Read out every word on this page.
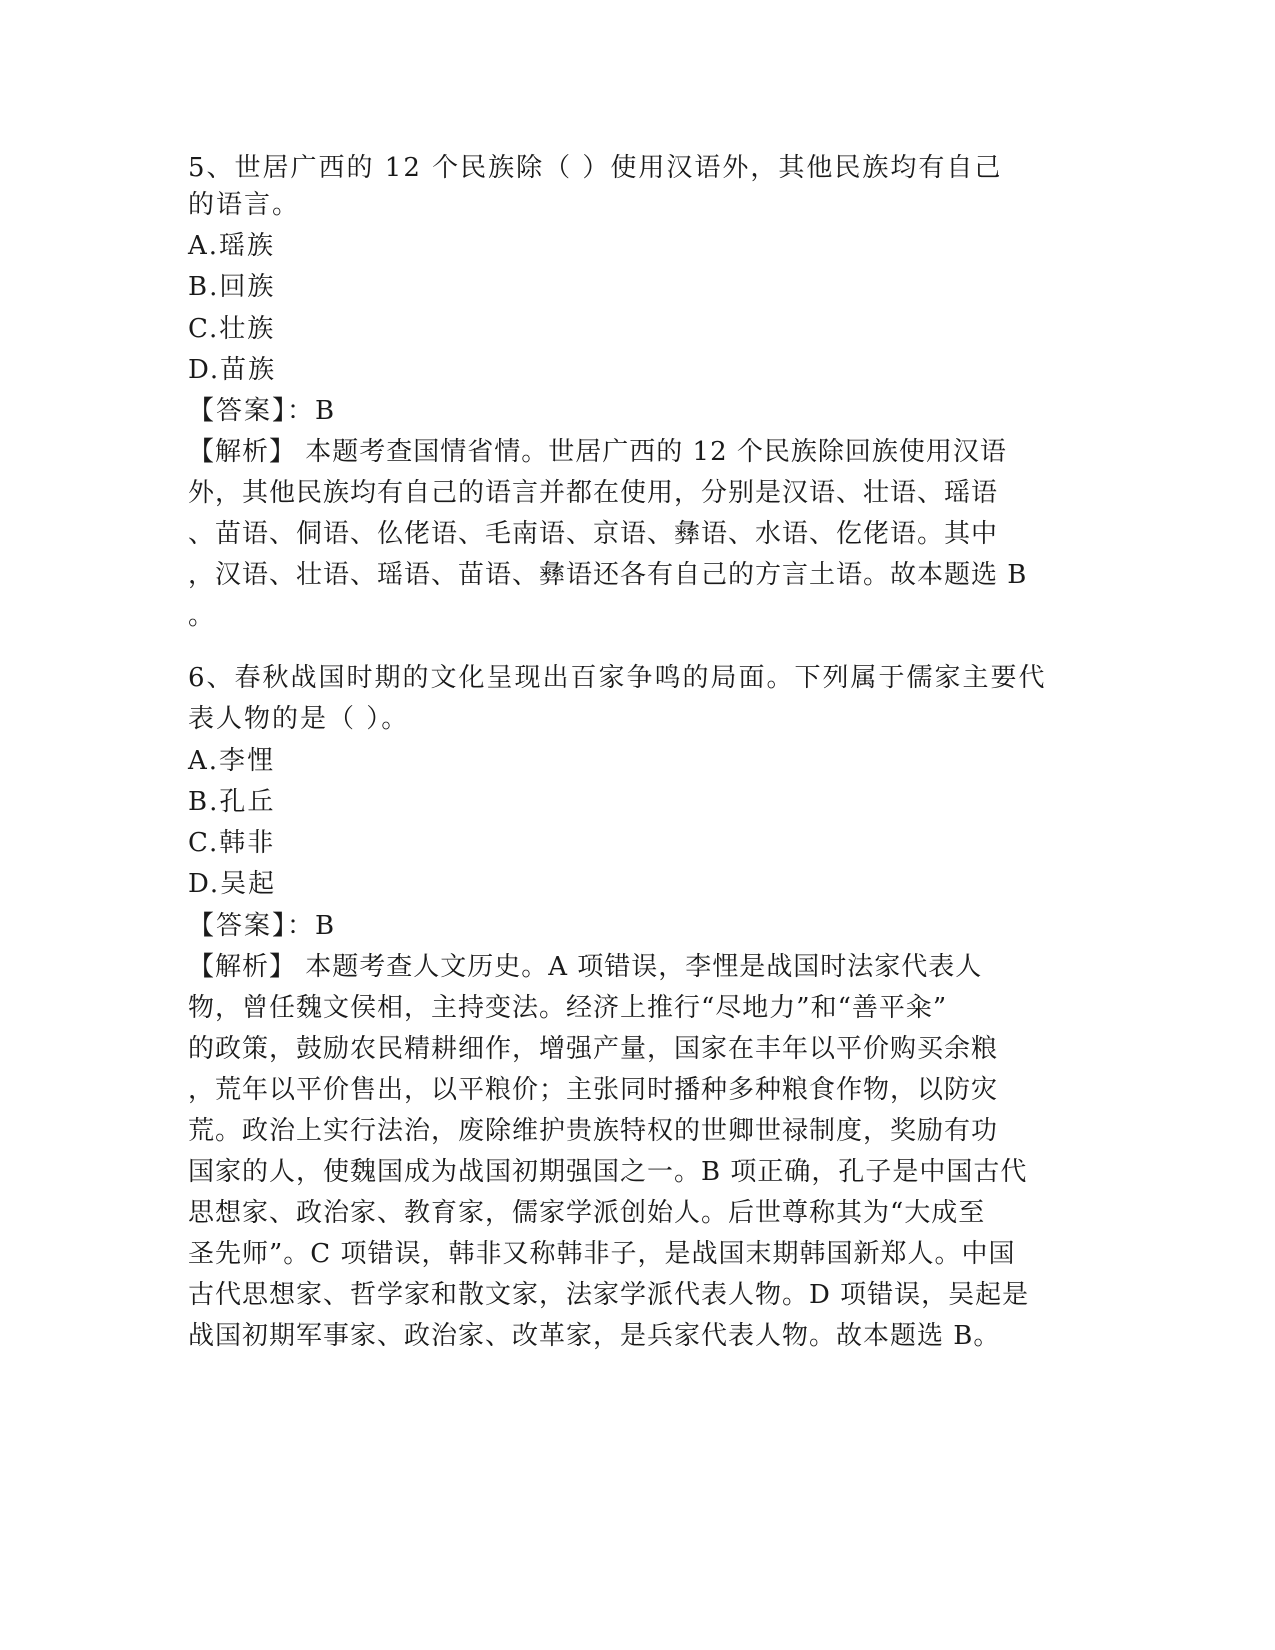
5、世居广西的 12 个民族除（ ）使用汉语外，其他民族均有自己
的语言。
A.瑶族
B.回族
C.壮族
D.苗族
【答案】：B
【解析】 本题考查国情省情。世居广西的 12 个民族除回族使用汉语
外，其他民族均有自己的语言并都在使用，分别是汉语、壮语、瑶语
、苗语、侗语、仫佬语、毛南语、京语、彝语、水语、仡佬语。其中
，汉语、壮语、瑶语、苗语、彝语还各有自己的方言土语。故本题选 B
。
6、春秋战国时期的文化呈现出百家争鸣的局面。下列属于儒家主要代
表人物的是（ ）。
A.李悝
B.孔丘
C.韩非
D.吴起
【答案】：B
【解析】 本题考查人文历史。A 项错误，李悝是战国时法家代表人
物，曾任魏文侯相，主持变法。经济上推行“尽地力”和“善平籴”
的政策，鼓励农民精耕细作，增强产量，国家在丰年以平价购买余粮
，荒年以平价售出，以平粮价；主张同时播种多种粮食作物，以防灾
荒。政治上实行法治，废除维护贵族特权的世卿世禄制度，奖励有功
国家的人，使魏国成为战国初期强国之一。B 项正确，孔子是中国古代
思想家、政治家、教育家，儒家学派创始人。后世尊称其为“大成至
圣先师”。C 项错误，韩非又称韩非子，是战国末期韩国新郑人。中国
古代思想家、哲学家和散文家，法家学派代表人物。D 项错误，吴起是
战国初期军事家、政治家、改革家，是兵家代表人物。故本题选 B。
